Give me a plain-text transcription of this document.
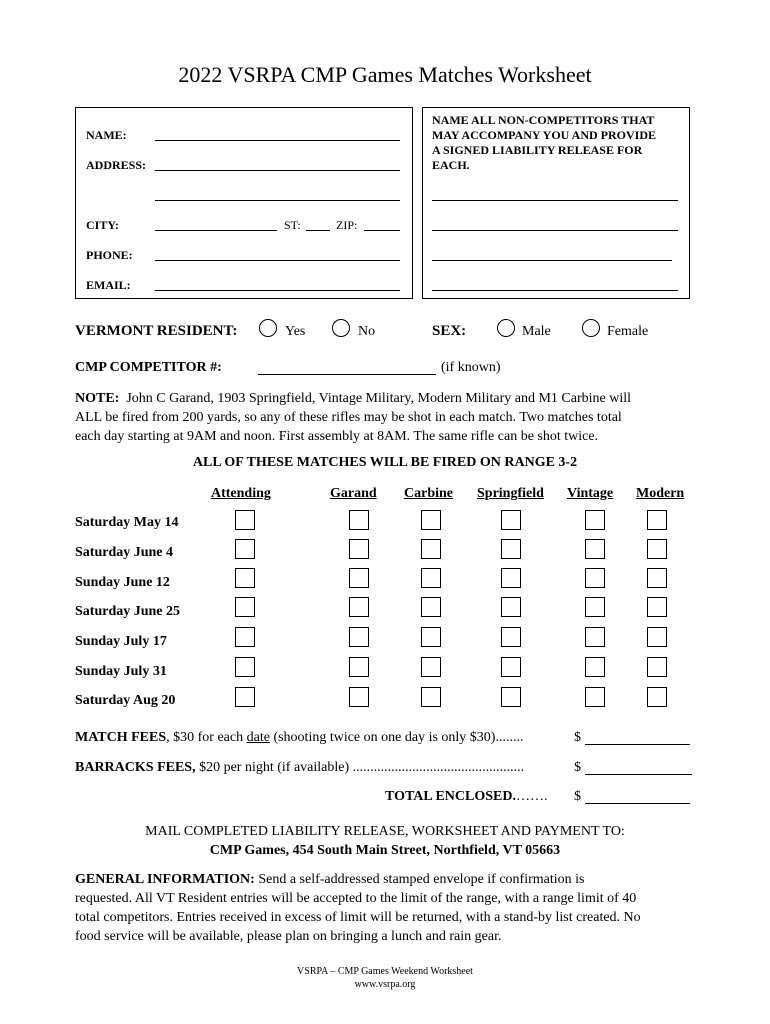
2022 VSRPA CMP Games Matches Worksheet
NAME:
ADDRESS:
CITY:	ST:	ZIP:
PHONE:
EMAIL:
NAME ALL NON-COMPETITORS THAT
MAY ACCOMPANY YOU AND PROVIDE
A SIGNED LIABILITY RELEASE FOR
EACH.
VERMONT RESIDENT:	Yes	No	SEX:	Male	Female
CMP COMPETITOR #:	(if known)
NOTE: John C Garand, 1903 Springfield, Vintage Military, Modern Military and M1 Carbine will
ALL be fired from 200 yards, so any of these rifles may be shot in each match. Two matches total
each day starting at 9AM and noon. First assembly at 8AM. The same rifle can be shot twice.
ALL OF THESE MATCHES WILL BE FIRED ON RANGE 3-2
Attending	Garand Carbine Springfield Vintage Modern
Saturday May 14
Saturday June 4
Sunday June 12
Saturday June 25
Sunday July 17
Sunday July 31
Saturday Aug 20
MATCH FEES, $30 for each date (shooting twice on one day is only $30)........	$
BARRACKS FEES, $20 per night (if available) .................................................	$
TOTAL ENCLOSED.……. $
MAIL COMPLETED LIABILITY RELEASE, WORKSHEET AND PAYMENT TO:
CMP Games, 454 South Main Street, Northfield, VT 05663
GENERAL INFORMATION: Send a self-addressed stamped envelope if confirmation is
requested. All VT Resident entries will be accepted to the limit of the range, with a range limit of 40
total competitors. Entries received in excess of limit will be returned, with a stand-by list created. No
food service will be available, please plan on bringing a lunch and rain gear.
VSRPA – CMP Games Weekend Worksheet
www.vsrpa.org
